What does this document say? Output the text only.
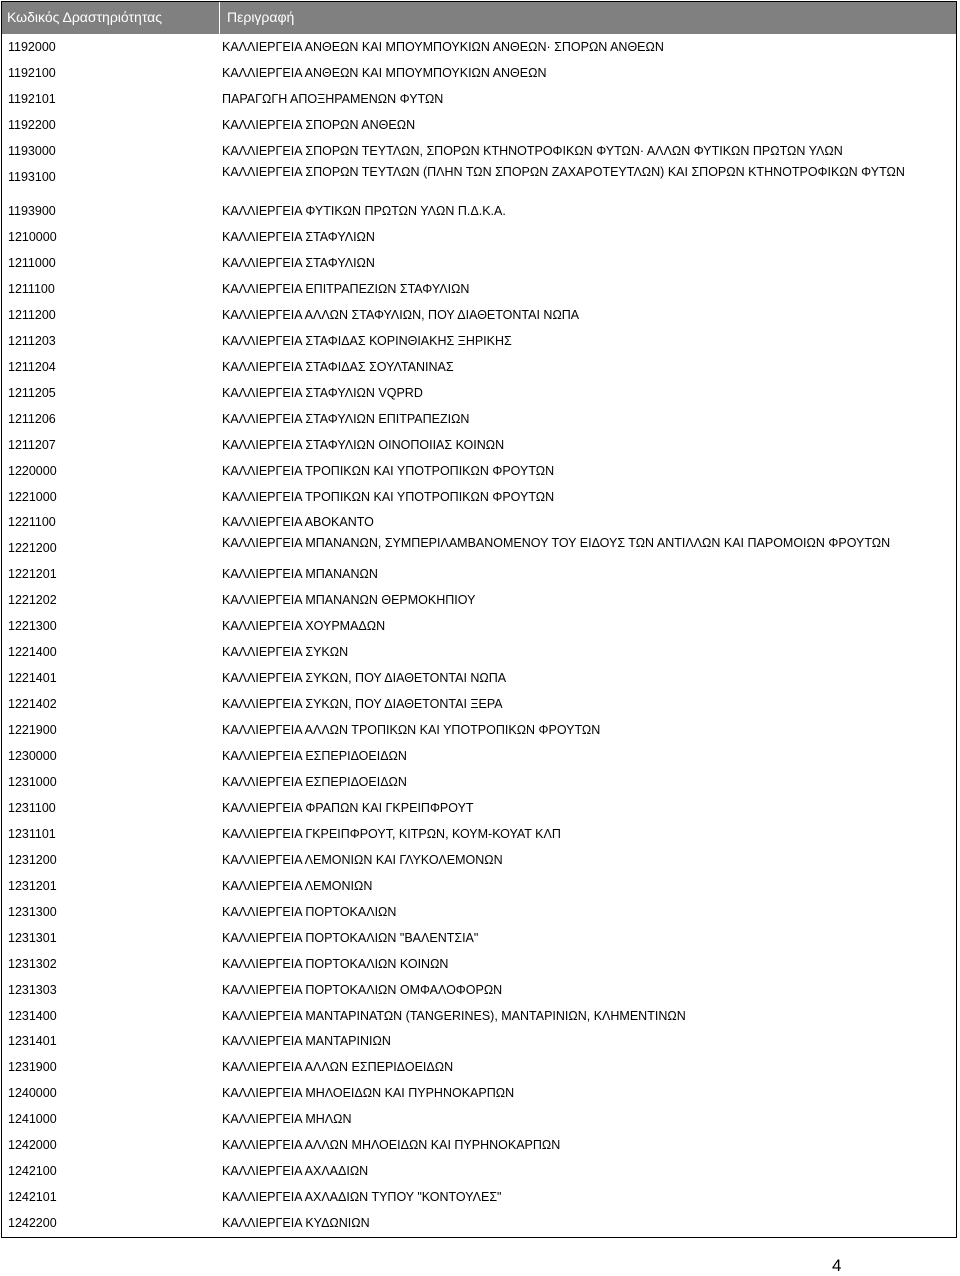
Κωδικός Δραστηριότητας	Περιγραφή
1192000	ΚΑΛΛΙΕΡΓΕΙΑ ΑΝΘΕΩΝ ΚΑΙ ΜΠΟΥΜΠΟΥΚΙΩΝ ΑΝΘΕΩΝ· ΣΠΟΡΩΝ ΑΝΘΕΩΝ
1192100	ΚΑΛΛΙΕΡΓΕΙΑ ΑΝΘΕΩΝ ΚΑΙ ΜΠΟΥΜΠΟΥΚΙΩΝ ΑΝΘΕΩΝ
1192101	ΠΑΡΑΓΩΓΗ ΑΠΟΞΗΡΑΜΕΝΩΝ ΦΥΤΩΝ
1192200	ΚΑΛΛΙΕΡΓΕΙΑ ΣΠΟΡΩΝ ΑΝΘΕΩΝ
1193000	ΚΑΛΛΙΕΡΓΕΙΑ ΣΠΟΡΩΝ ΤΕΥΤΛΩΝ, ΣΠΟΡΩΝ ΚΤΗΝΟΤΡΟΦΙΚΩΝ ΦΥΤΩΝ· ΑΛΛΩΝ ΦΥΤΙΚΩΝ ΠΡΩΤΩΝ ΥΛΩΝ
1193100	ΚΑΛΛΙΕΡΓΕΙΑ ΣΠΟΡΩΝ ΤΕΥΤΛΩΝ (ΠΛΗΝ ΤΩΝ ΣΠΟΡΩΝ ΖΑΧΑΡΟΤΕΥΤΛΩΝ) ΚΑΙ ΣΠΟΡΩΝ ΚΤΗΝΟΤΡΟΦΙΚΩΝ ΦΥΤΩΝ
1193900	ΚΑΛΛΙΕΡΓΕΙΑ ΦΥΤΙΚΩΝ ΠΡΩΤΩΝ ΥΛΩΝ Π.Δ.Κ.Α.
1210000	ΚΑΛΛΙΕΡΓΕΙΑ ΣΤΑΦΥΛΙΩΝ
1211000	ΚΑΛΛΙΕΡΓΕΙΑ ΣΤΑΦΥΛΙΩΝ
1211100	ΚΑΛΛΙΕΡΓΕΙΑ ΕΠΙΤΡΑΠΕΖΙΩΝ ΣΤΑΦΥΛΙΩΝ
1211200	ΚΑΛΛΙΕΡΓΕΙΑ ΑΛΛΩΝ ΣΤΑΦΥΛΙΩΝ, ΠΟΥ ΔΙΑΘΕΤΟΝΤΑΙ ΝΩΠΑ
1211203	ΚΑΛΛΙΕΡΓΕΙΑ ΣΤΑΦΙΔΑΣ ΚΟΡΙΝΘΙΑΚΗΣ ΞΗΡΙΚΗΣ
1211204	ΚΑΛΛΙΕΡΓΕΙΑ ΣΤΑΦΙΔΑΣ ΣΟΥΛΤΑΝΙΝΑΣ
1211205	ΚΑΛΛΙΕΡΓΕΙΑ ΣΤΑΦΥΛΙΩΝ VQPRD
1211206	ΚΑΛΛΙΕΡΓΕΙΑ ΣΤΑΦΥΛΙΩΝ ΕΠΙΤΡΑΠΕΖΙΩΝ
1211207	ΚΑΛΛΙΕΡΓΕΙΑ ΣΤΑΦΥΛΙΩΝ ΟΙΝΟΠΟΙΙΑΣ ΚΟΙΝΩΝ
1220000	ΚΑΛΛΙΕΡΓΕΙΑ ΤΡΟΠΙΚΩΝ ΚΑΙ ΥΠΟΤΡΟΠΙΚΩΝ ΦΡΟΥΤΩΝ
1221000	ΚΑΛΛΙΕΡΓΕΙΑ ΤΡΟΠΙΚΩΝ ΚΑΙ ΥΠΟΤΡΟΠΙΚΩΝ ΦΡΟΥΤΩΝ
1221100	ΚΑΛΛΙΕΡΓΕΙΑ ΑΒΟΚΑΝΤΟ
1221200	ΚΑΛΛΙΕΡΓΕΙΑ ΜΠΑΝΑΝΩΝ, ΣΥΜΠΕΡΙΛΑΜΒΑΝΟΜΕΝΟΥ ΤΟΥ ΕΙΔΟΥΣ ΤΩΝ ΑΝΤΙΛΛΩΝ ΚΑΙ ΠΑΡΟΜΟΙΩΝ ΦΡΟΥΤΩΝ
1221201	ΚΑΛΛΙΕΡΓΕΙΑ ΜΠΑΝΑΝΩΝ
1221202	ΚΑΛΛΙΕΡΓΕΙΑ ΜΠΑΝΑΝΩΝ ΘΕΡΜΟΚΗΠΙΟΥ
1221300	ΚΑΛΛΙΕΡΓΕΙΑ ΧΟΥΡΜΑΔΩΝ
1221400	ΚΑΛΛΙΕΡΓΕΙΑ ΣΥΚΩΝ
1221401	ΚΑΛΛΙΕΡΓΕΙΑ ΣΥΚΩΝ, ΠΟΥ ΔΙΑΘΕΤΟΝΤΑΙ ΝΩΠΑ
1221402	ΚΑΛΛΙΕΡΓΕΙΑ ΣΥΚΩΝ, ΠΟΥ ΔΙΑΘΕΤΟΝΤΑΙ ΞΕΡΑ
1221900	ΚΑΛΛΙΕΡΓΕΙΑ ΑΛΛΩΝ ΤΡΟΠΙΚΩΝ ΚΑΙ ΥΠΟΤΡΟΠΙΚΩΝ ΦΡΟΥΤΩΝ
1230000	ΚΑΛΛΙΕΡΓΕΙΑ ΕΣΠΕΡΙΔΟΕΙΔΩΝ
1231000	ΚΑΛΛΙΕΡΓΕΙΑ ΕΣΠΕΡΙΔΟΕΙΔΩΝ
1231100	ΚΑΛΛΙΕΡΓΕΙΑ ΦΡΑΠΩΝ ΚΑΙ ΓΚΡΕΙΠΦΡΟΥΤ
1231101	ΚΑΛΛΙΕΡΓΕΙΑ ΓΚΡΕΙΠΦΡΟΥΤ, ΚΙΤΡΩΝ, ΚΟΥΜ-ΚΟΥΑΤ ΚΛΠ
1231200	ΚΑΛΛΙΕΡΓΕΙΑ ΛΕΜΟΝΙΩΝ ΚΑΙ ΓΛΥΚΟΛΕΜΟΝΩΝ
1231201	ΚΑΛΛΙΕΡΓΕΙΑ ΛΕΜΟΝΙΩΝ
1231300	ΚΑΛΛΙΕΡΓΕΙΑ ΠΟΡΤΟΚΑΛΙΩΝ
1231301	ΚΑΛΛΙΕΡΓΕΙΑ ΠΟΡΤΟΚΑΛΙΩΝ "ΒΑΛΕΝΤΣΙΑ"
1231302	ΚΑΛΛΙΕΡΓΕΙΑ ΠΟΡΤΟΚΑΛΙΩΝ ΚΟΙΝΩΝ
1231303	ΚΑΛΛΙΕΡΓΕΙΑ ΠΟΡΤΟΚΑΛΙΩΝ ΟΜΦΑΛΟΦΟΡΩΝ
1231400	ΚΑΛΛΙΕΡΓΕΙΑ ΜΑΝΤΑΡΙΝΑΤΩΝ (TANGERINES), ΜΑΝΤΑΡΙΝΙΩΝ, ΚΛΗΜΕΝΤΙΝΩΝ
1231401	ΚΑΛΛΙΕΡΓΕΙΑ ΜΑΝΤΑΡΙΝΙΩΝ
1231900	ΚΑΛΛΙΕΡΓΕΙΑ ΑΛΛΩΝ ΕΣΠΕΡΙΔΟΕΙΔΩΝ
1240000	ΚΑΛΛΙΕΡΓΕΙΑ ΜΗΛΟΕΙΔΩΝ ΚΑΙ ΠΥΡΗΝΟΚΑΡΠΩΝ
1241000	ΚΑΛΛΙΕΡΓΕΙΑ ΜΗΛΩΝ
1242000	ΚΑΛΛΙΕΡΓΕΙΑ ΑΛΛΩΝ ΜΗΛΟΕΙΔΩΝ ΚΑΙ ΠΥΡΗΝΟΚΑΡΠΩΝ
1242100	ΚΑΛΛΙΕΡΓΕΙΑ ΑΧΛΑΔΙΩΝ
1242101	ΚΑΛΛΙΕΡΓΕΙΑ ΑΧΛΑΔΙΩΝ ΤΥΠΟΥ "ΚΟΝΤΟΥΛΕΣ"
1242200	ΚΑΛΛΙΕΡΓΕΙΑ ΚΥΔΩΝΙΩΝ
4
